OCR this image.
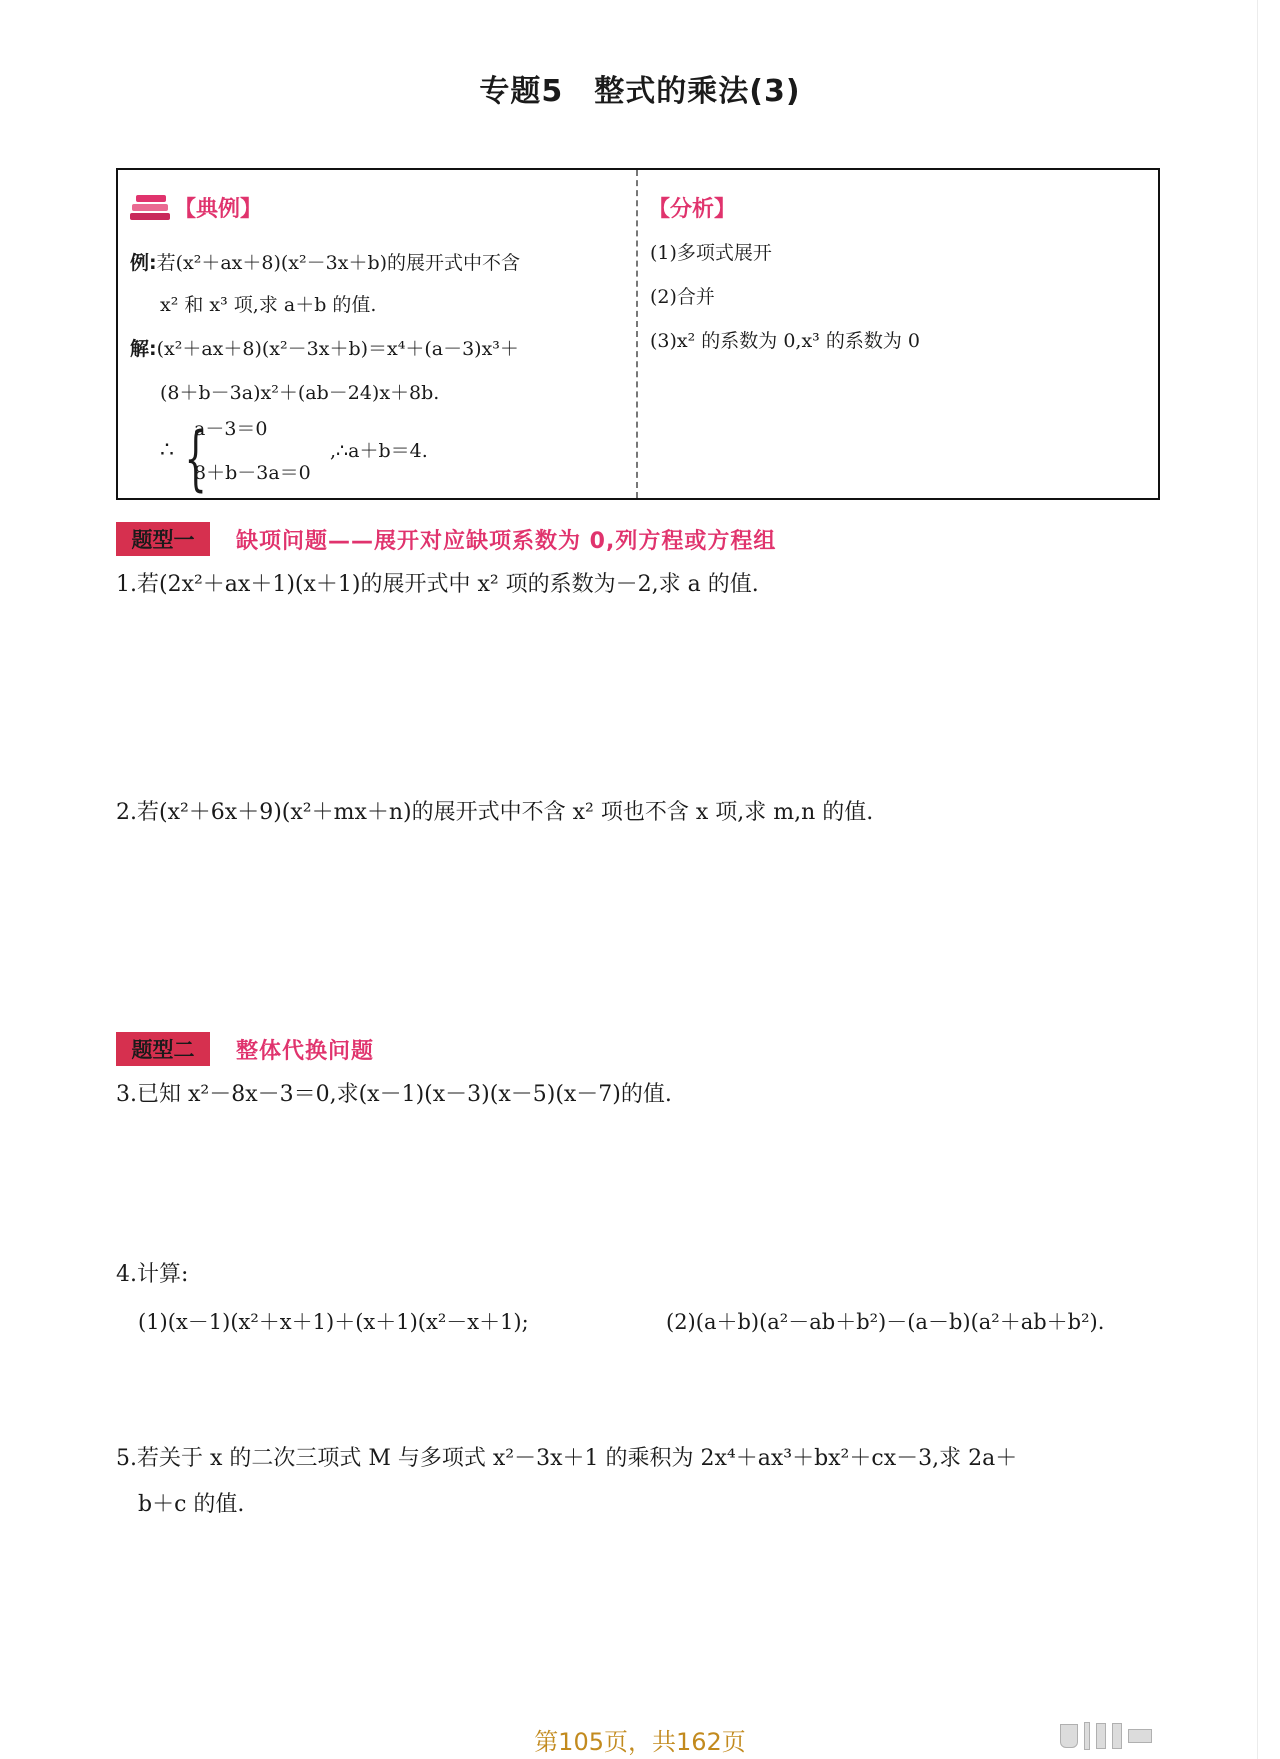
专题5　整式的乘法(3)
【典例】
例:若(x²＋ax＋8)(x²－3x＋b)的展开式中不含
x² 和 x³ 项,求 a＋b 的值.
解:(x²＋ax＋8)(x²－3x＋b)＝x⁴＋(a－3)x³＋
(8＋b－3a)x²＋(ab－24)x＋8b.
∴ {
a－3＝0
8＋b－3a＝0
,∴a＋b＝4.
【分析】
(1)多项式展开
(2)合并
(3)x² 的系数为 0,x³ 的系数为 0
题型一	缺项问题——展开对应缺项系数为 0,列方程或方程组
1.若(2x²＋ax＋1)(x＋1)的展开式中 x² 项的系数为－2,求 a 的值.
2.若(x²＋6x＋9)(x²＋mx＋n)的展开式中不含 x² 项也不含 x 项,求 m,n 的值.
题型二	整体代换问题
3.已知 x²－8x－3＝0,求(x－1)(x－3)(x－5)(x－7)的值.
4.计算:
(1)(x－1)(x²＋x＋1)＋(x＋1)(x²－x＋1);	(2)(a＋b)(a²－ab＋b²)－(a－b)(a²＋ab＋b²).
5.若关于 x 的二次三项式 M 与多项式 x²－3x＋1 的乘积为 2x⁴＋ax³＋bx²＋cx－3,求 2a＋
b＋c 的值.
第105页，共162页
